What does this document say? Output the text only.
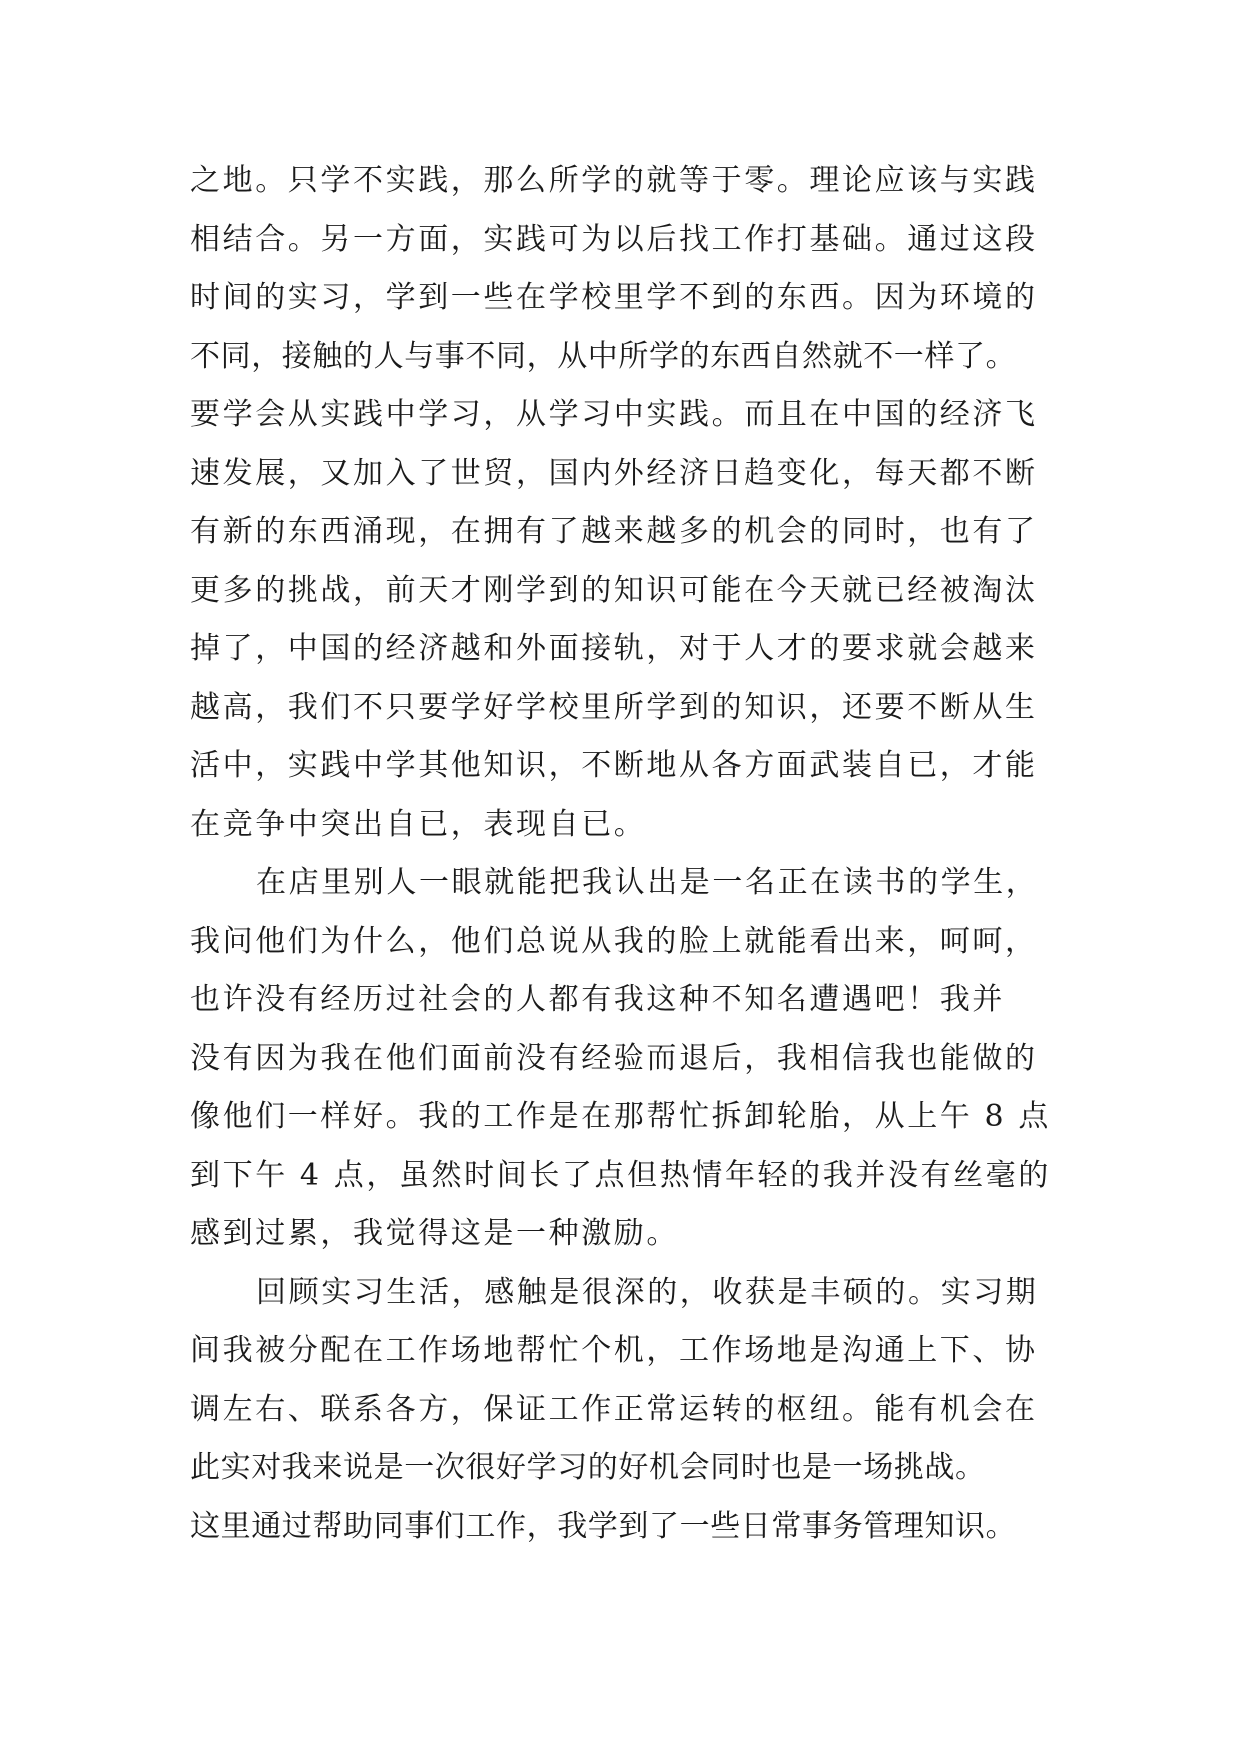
之地。只学不实践，那么所学的就等于零。理论应该与实践
相结合。另一方面，实践可为以后找工作打基础。通过这段
时间的实习，学到一些在学校里学不到的东西。因为环境的
不同，接触的人与事不同，从中所学的东西自然就不一样了。
要学会从实践中学习，从学习中实践。而且在中国的经济飞
速发展，又加入了世贸，国内外经济日趋变化，每天都不断
有新的东西涌现，在拥有了越来越多的机会的同时，也有了
更多的挑战，前天才刚学到的知识可能在今天就已经被淘汰
掉了，中国的经济越和外面接轨，对于人才的要求就会越来
越高，我们不只要学好学校里所学到的知识，还要不断从生
活中，实践中学其他知识，不断地从各方面武装自已，才能
在竞争中突出自已，表现自已。
在店里别人一眼就能把我认出是一名正在读书的学生，
我问他们为什么，他们总说从我的脸上就能看出来，呵呵，
也许没有经历过社会的人都有我这种不知名遭遇吧！我并
没有因为我在他们面前没有经验而退后，我相信我也能做的
像他们一样好。我的工作是在那帮忙拆卸轮胎，从上午 8 点
到下午 4 点，虽然时间长了点但热情年轻的我并没有丝毫的
感到过累，我觉得这是一种激励。
回顾实习生活，感触是很深的，收获是丰硕的。实习期
间我被分配在工作场地帮忙个机，工作场地是沟通上下、协
调左右、联系各方，保证工作正常运转的枢纽。能有机会在
此实对我来说是一次很好学习的好机会同时也是一场挑战。
这里通过帮助同事们工作，我学到了一些日常事务管理知识。
